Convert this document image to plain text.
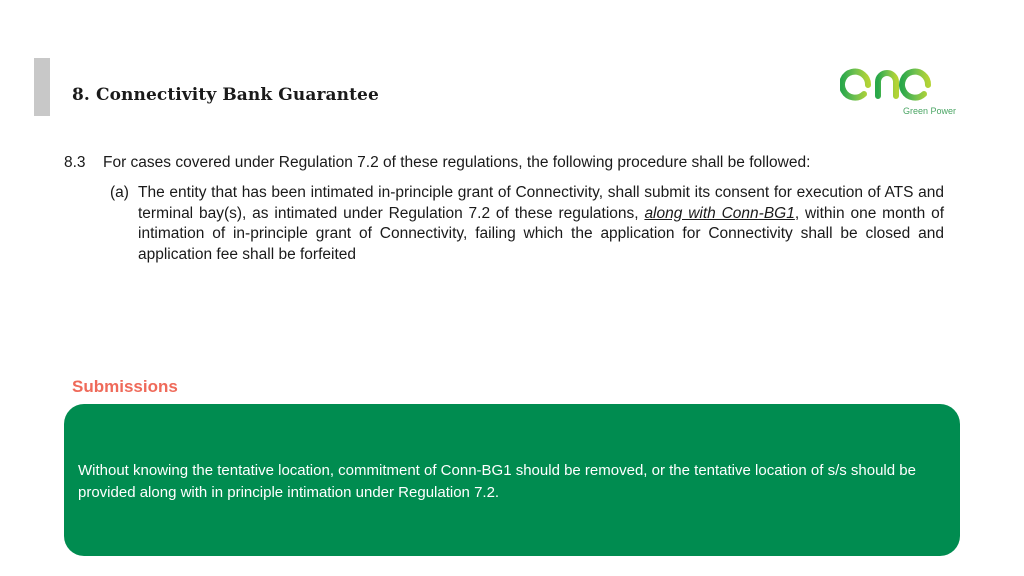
8. Connectivity Bank Guarantee
Green Power
8.3 For cases covered under Regulation 7.2 of these regulations, the following procedure shall be followed:
(a) The entity that has been intimated in-principle grant of Connectivity, shall submit its consent for execution of ATS and terminal bay(s), as intimated under Regulation 7.2 of these regulations, along with Conn-BG1, within one month of intimation of in-principle grant of Connectivity, failing which the application for Connectivity shall be closed and application fee shall be forfeited
Submissions
Without knowing the tentative location, commitment of Conn-BG1 should be removed, or the tentative location of s/s should be provided along with in principle intimation under Regulation 7.2.
